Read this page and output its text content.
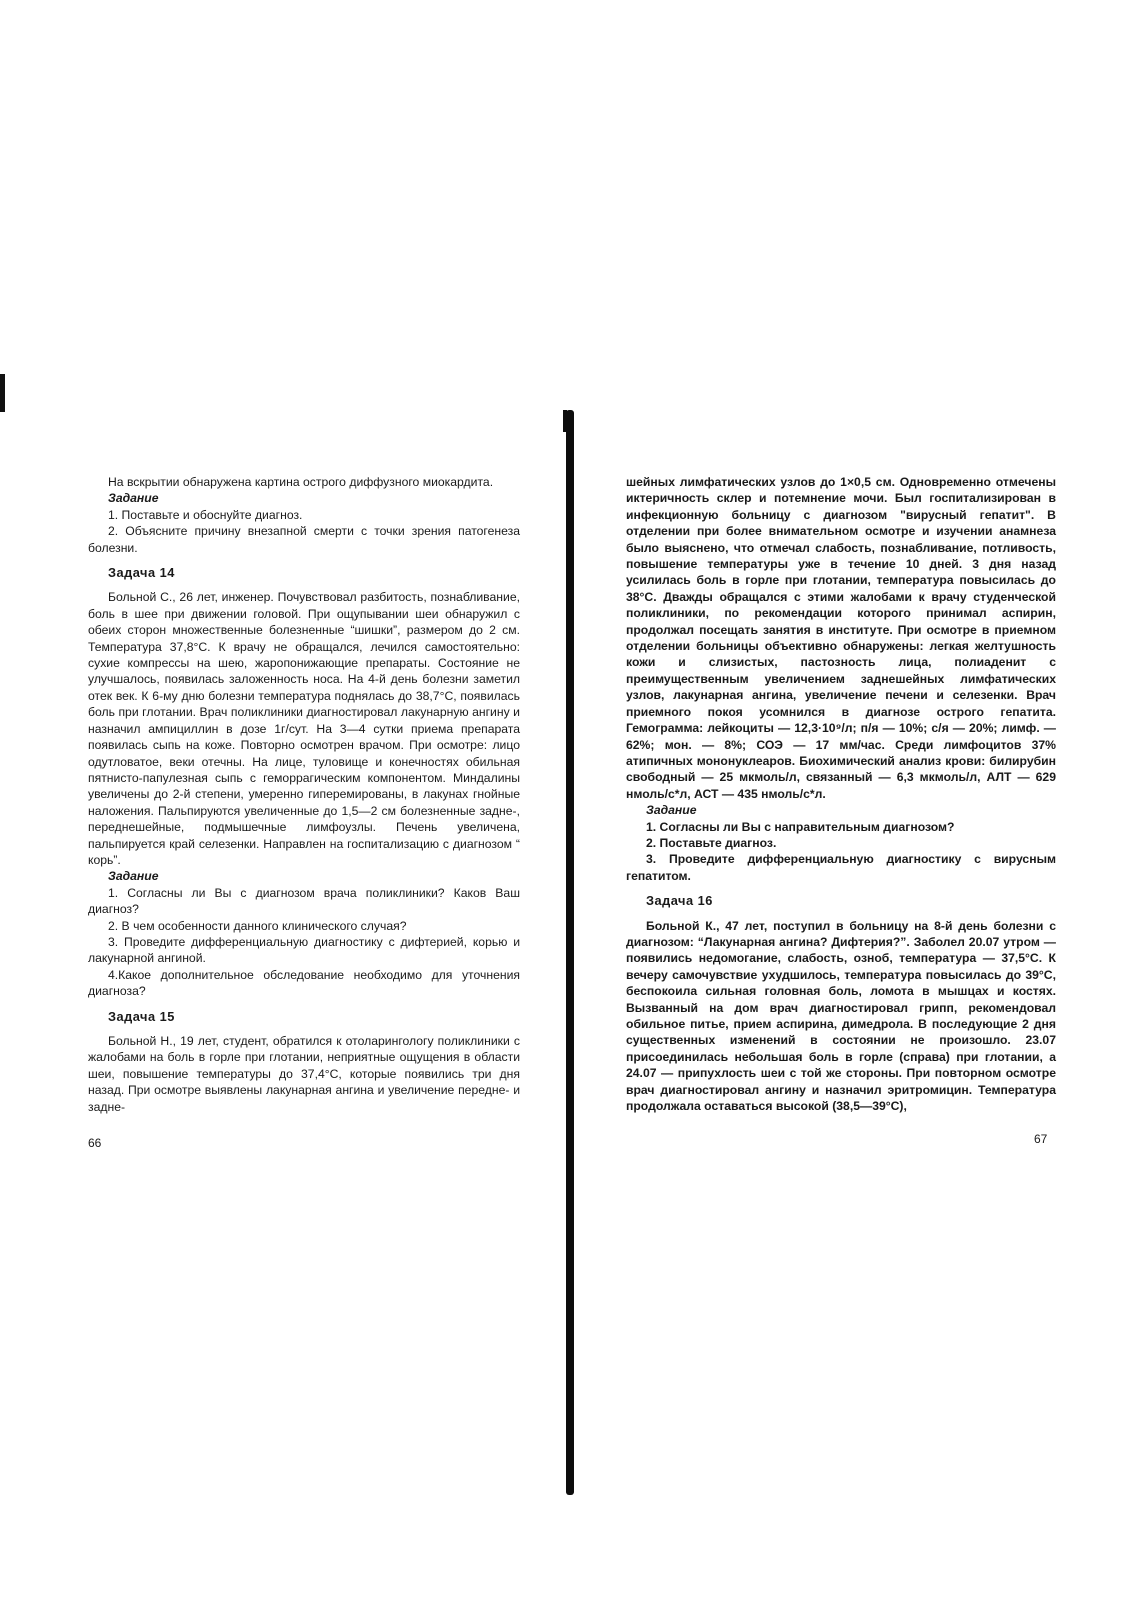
На вскрытии обнаружена картина острого диффузного миокардита.

Задание

1. Поставьте и обоснуйте диагноз.

2. Объясните причину внезапной смерти с точки зрения патогенеза болезни.

Задача 14

Больной С., 26 лет, инженер. Почувствовал разбитость, познабливание, боль в шее при движении головой. При ощупывании шеи обнаружил с обеих сторон множественные болезненные “шишки”, размером до 2 см. Температура 37,8°С. К врачу не обращался, лечился самостоятельно: сухие компрессы на шею, жаропонижающие препараты. Состояние не улучшалось, появилась заложенность носа. На 4-й день болезни заметил отек век. К 6-му дню болезни температура поднялась до 38,7°С, появилась боль при глотании. Врач поликлиники диагностировал лакунарную ангину и назначил ампициллин в дозе 1г/сут. На 3—4 сутки приема препарата появилась сыпь на коже. Повторно осмотрен врачом. При осмотре: лицо одутловатое, веки отечны. На лице, туловище и конечностях обильная пятнисто-папулезная сыпь с геморрагическим компонентом. Миндалины увеличены до 2-й степени, умеренно гиперемированы, в лакунах гнойные наложения. Пальпируются увеличенные до 1,5—2 см болезненные задне-, переднешейные, подмышечные лимфоузлы. Печень увеличена, пальпируется край селезенки. Направлен на госпитализацию с диагнозом “ корь”.

Задание

1. Согласны ли Вы с диагнозом врача поликлиники? Каков Ваш диагноз?

2. В чем особенности данного клинического случая?

3. Проведите дифференциальную диагностику с дифтерией, корью и лакунарной ангиной.

4.Какое дополнительное обследование необходимо для уточнения диагноза?

Задача 15

Больной Н., 19 лет, студент, обратился к отоларингологу поликлиники с жалобами на боль в горле при глотании, неприятные ощущения в области шеи, повышение температуры до 37,4°С, которые появились три дня назад. При осмотре выявлены лакунарная ангина и увеличение передне- и задне-

66

шейных лимфатических узлов до 1×0,5 см. Одновременно отмечены иктеричность склер и потемнение мочи. Был госпитализирован в инфекционную больницу с диагнозом "вирусный гепатит". В отделении при более внимательном осмотре и изучении анамнеза было выяснено, что отмечал слабость, познабливание, потливость, повышение температуры уже в течение 10 дней. 3 дня назад усилилась боль в горле при глотании, температура повысилась до 38°С. Дважды обращался с этими жалобами к врачу студенческой поликлиники, по рекомендации которого принимал аспирин, продолжал посещать занятия в институте. При осмотре в приемном отделении больницы объективно обнаружены: легкая желтушность кожи и слизистых, пастозность лица, полиаденит с преимущественным увеличением заднешейных лимфатических узлов, лакунарная ангина, увеличение печени и селезенки. Врач приемного покоя усомнился в диагнозе острого гепатита. Гемограмма: лейкоциты — 12,3·10⁹/л; п/я — 10%; с/я — 20%; лимф. — 62%; мон. — 8%; СОЭ — 17 мм/час. Среди лимфоцитов 37% атипичных мононуклеаров. Биохимический анализ крови: билирубин свободный — 25 мкмоль/л, связанный — 6,3 мкмоль/л, АЛТ — 629 нмоль/с*л, АСТ — 435 нмоль/с*л.

Задание

1. Согласны ли Вы с направительным диагнозом?

2. Поставьте диагноз.

3. Проведите дифференциальную диагностику с вирусным гепатитом.

Задача 16

Больной К., 47 лет, поступил в больницу на 8-й день болезни с диагнозом: “Лакунарная ангина? Дифтерия?”. Заболел 20.07 утром — появились недомогание, слабость, озноб, температура — 37,5°С. К вечеру самочувствие ухудшилось, температура повысилась до 39°С, беспокоила сильная головная боль, ломота в мышцах и костях. Вызванный на дом врач диагностировал грипп, рекомендовал обильное питье, прием аспирина, димедрола. В последующие 2 дня существенных изменений в состоянии не произошло. 23.07 присоединилась небольшая боль в горле (справа) при глотании, а 24.07 — припухлость шеи с той же стороны. При повторном осмотре врач диагностировал ангину и назначил эритромицин. Температура продолжала оставаться высокой (38,5—39°С),

67
